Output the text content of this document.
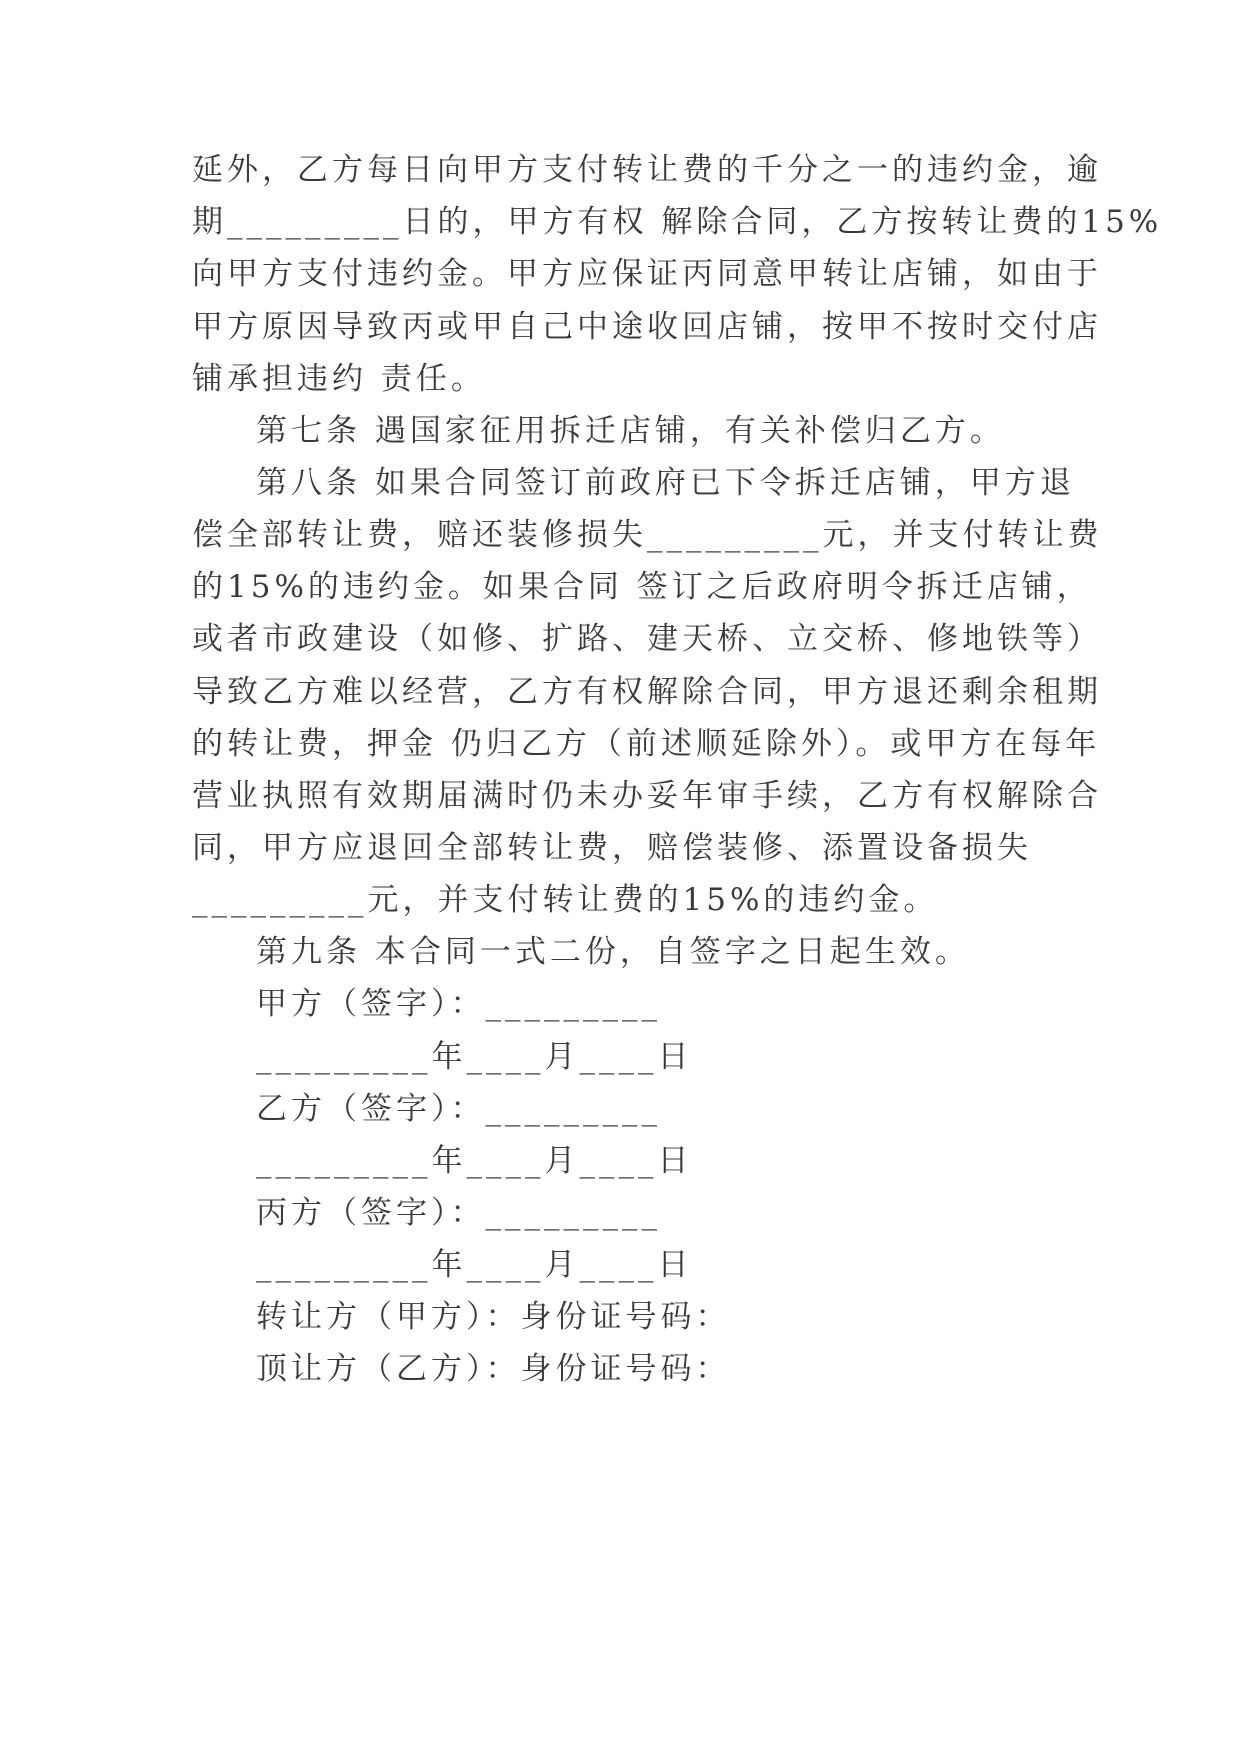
延外，乙方每日向甲方支付转让费的千分之一的违约金，逾
期_________日的，甲方有权 解除合同，乙方按转让费的15%
向甲方支付违约金。甲方应保证丙同意甲转让店铺，如由于
甲方原因导致丙或甲自己中途收回店铺，按甲不按时交付店
铺承担违约 责任。
第七条 遇国家征用拆迁店铺，有关补偿归乙方。
第八条 如果合同签订前政府已下令拆迁店铺，甲方退
偿全部转让费，赔还装修损失_________元，并支付转让费
的15%的违约金。如果合同 签订之后政府明令拆迁店铺，
或者市政建设（如修、扩路、建天桥、立交桥、修地铁等）
导致乙方难以经营，乙方有权解除合同，甲方退还剩余租期
的转让费，押金 仍归乙方（前述顺延除外）。或甲方在每年
营业执照有效期届满时仍未办妥年审手续，乙方有权解除合
同，甲方应退回全部转让费，赔偿装修、添置设备损失
_________元，并支付转让费的15%的违约金。
第九条 本合同一式二份，自签字之日起生效。
甲方（签字）：_________
_________年____月____日
乙方（签字）：_________
_________年____月____日
丙方（签字）：_________
_________年____月____日
转让方（甲方）：身份证号码：
顶让方（乙方）：身份证号码：
